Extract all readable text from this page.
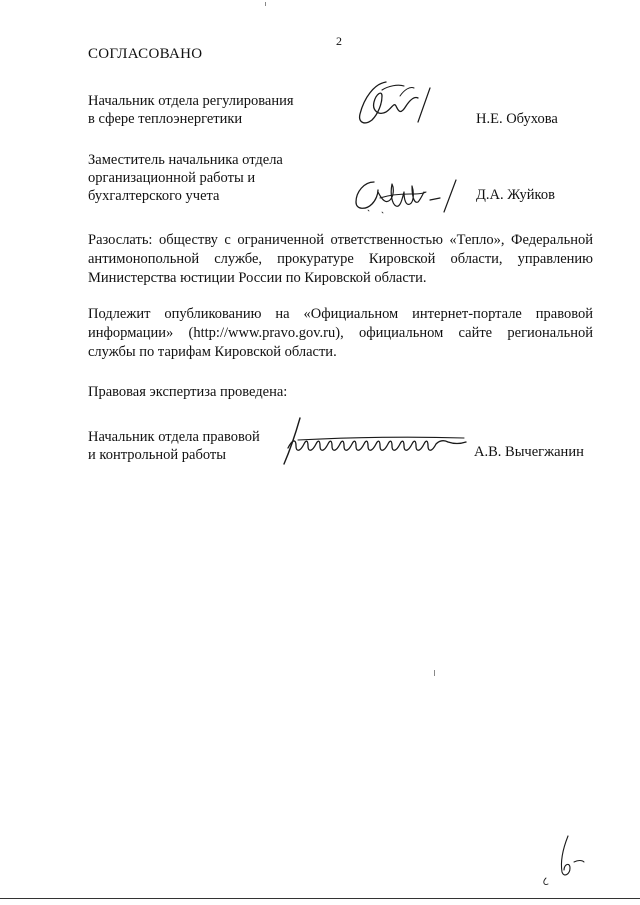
2
СОГЛАСОВАНО
Начальник отдела регулирования
в сфере теплоэнергетики	Н.Е. Обухова
Заместитель начальника отдела
организационной работы и
бухгалтерского учета	Д.А. Жуйков
Разослать: обществу с ограниченной ответственностью «Тепло», Федеральной антимонопольной службе, прокуратуре Кировской области, управлению Министерства юстиции России по Кировской области.
Подлежит опубликованию на «Официальном интернет-портале правовой информации» (http://www.pravo.gov.ru), официальном сайте региональной службы по тарифам Кировской области.
Правовая экспертиза проведена:
Начальник отдела правовой
и контрольной работы	А.В. Вычегжанин
